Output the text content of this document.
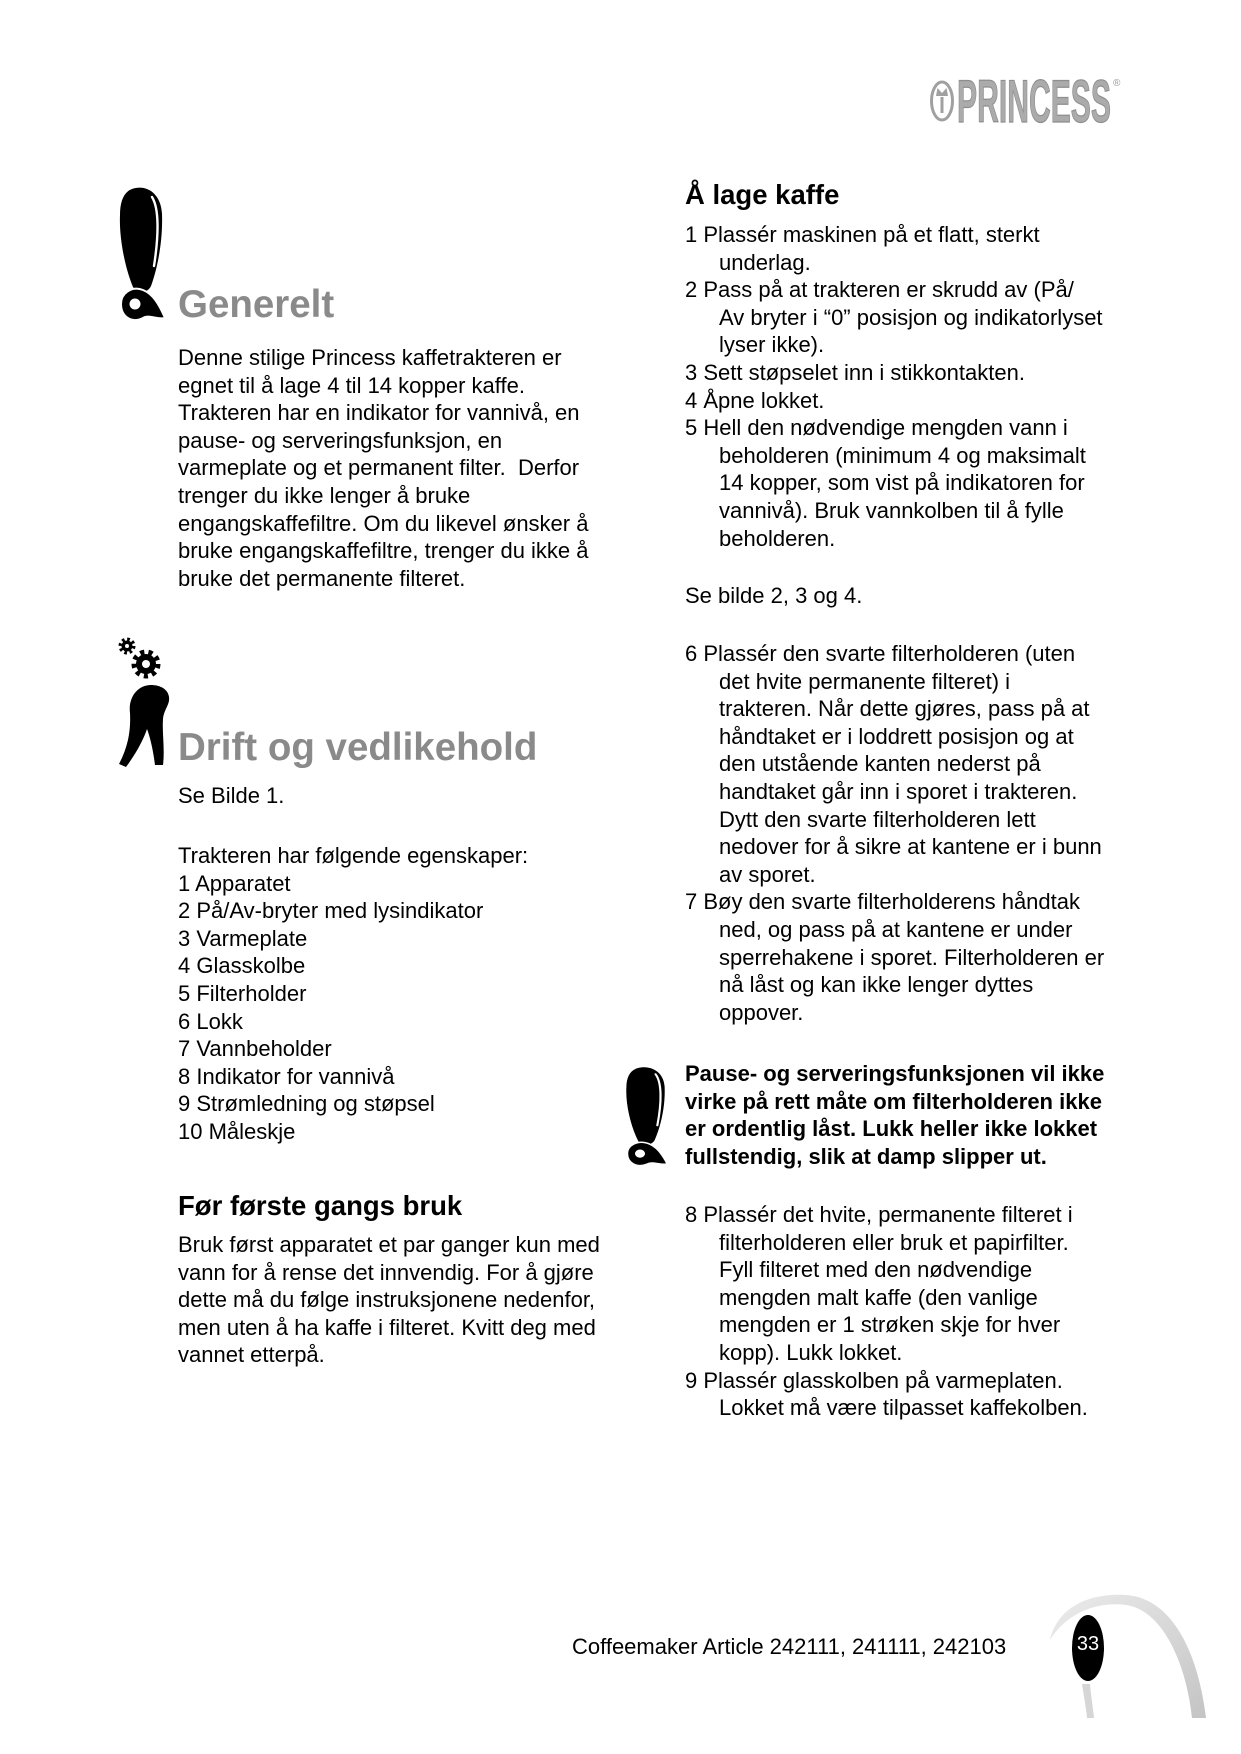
PRINCESS ®
Generelt

Denne stilige Princess kaffetrakteren er
egnet til å lage 4 til 14 kopper kaffe.
Trakteren har en indikator for vannivå, en
pause- og serveringsfunksjon, en
varmeplate og et permanent filter.  Derfor
trenger du ikke lenger å bruke
engangskaffefiltre. Om du likevel ønsker å
bruke engangskaffefiltre, trenger du ikke å
bruke det permanente filteret.

Drift og vedlikehold

Se Bilde 1.

Trakteren har følgende egenskaper:
1 Apparatet
2 På/Av-bryter med lysindikator
3 Varmeplate
4 Glasskolbe
5 Filterholder
6 Lokk
7 Vannbeholder
8 Indikator for vannivå
9 Strømledning og støpsel
10 Måleskje
Før første gangs bruk

Bruk først apparatet et par ganger kun med
vann for å rense det innvendig. For å gjøre
dette må du følge instruksjonene nedenfor,
men uten å ha kaffe i filteret. Kvitt deg med
vannet etterpå.

Å lage kaffe
1 Plassér maskinen på et flatt, sterkt
underlag.
2 Pass på at trakteren er skrudd av (På/
Av bryter i “0” posisjon og indikatorlyset
lyser ikke).
3 Sett støpselet inn i stikkontakten.
4 Åpne lokket.
5 Hell den nødvendige mengden vann i
beholderen (minimum 4 og maksimalt
14 kopper, som vist på indikatoren for
vannivå). Bruk vannkolben til å fylle
beholderen.

Se bilde 2, 3 og 4.

6 Plassér den svarte filterholderen (uten
det hvite permanente filteret) i
trakteren. Når dette gjøres, pass på at
håndtaket er i loddrett posisjon og at
den utstående kanten nederst på
handtaket går inn i sporet i trakteren.
Dytt den svarte filterholderen lett
nedover for å sikre at kantene er i bunn
av sporet.
7 Bøy den svarte filterholderens håndtak
ned, og pass på at kantene er under
sperrehakene i sporet. Filterholderen er
nå låst og kan ikke lenger dyttes
oppover.

Pause- og serveringsfunksjonen vil ikke
virke på rett måte om filterholderen ikke
er ordentlig låst. Lukk heller ikke lokket
fullstendig, slik at damp slipper ut.

8 Plassér det hvite, permanente filteret i
filterholderen eller bruk et papirfilter.
Fyll filteret med den nødvendige
mengden malt kaffe (den vanlige
mengden er 1 strøken skje for hver
kopp). Lukk lokket.
9 Plassér glasskolben på varmeplaten.
Lokket må være tilpasset kaffekolben.
Coffeemaker Article 242111, 241111, 242103	33
